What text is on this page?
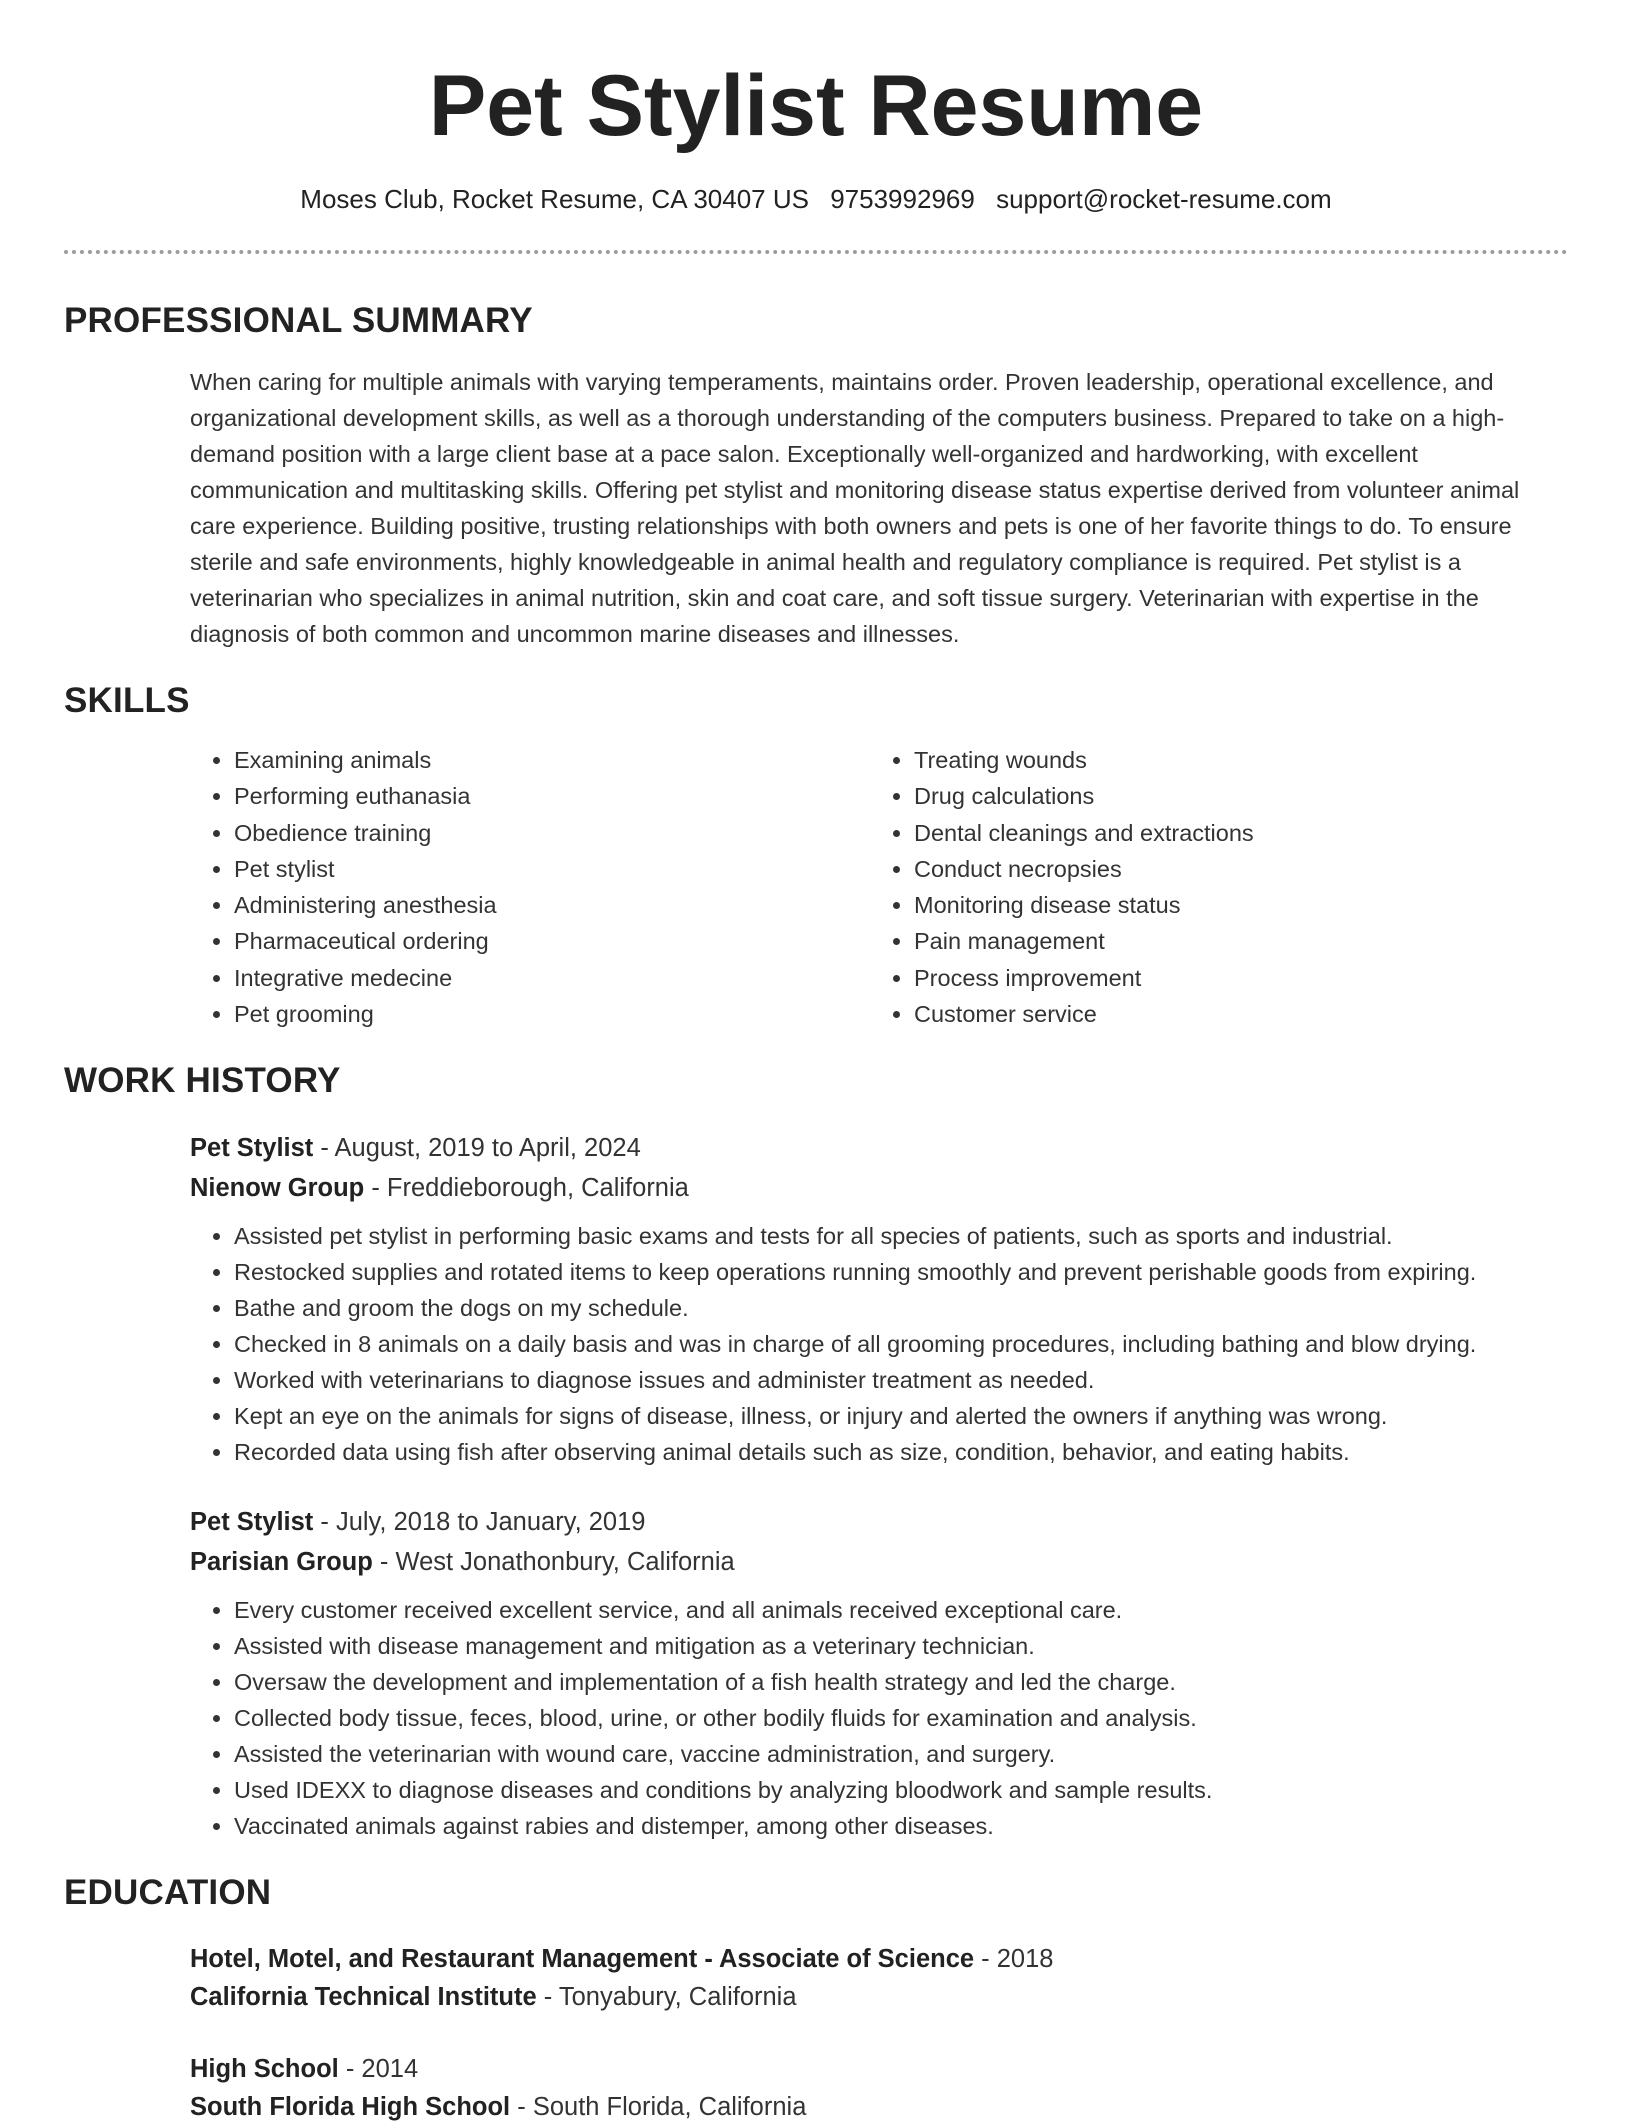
Pet Stylist Resume
Moses Club, Rocket Resume, CA 30407 US 9753992969 support@rocket-resume.com
PROFESSIONAL SUMMARY

When caring for multiple animals with varying temperaments, maintains order. Proven leadership, operational excellence, and organizational development skills, as well as a thorough understanding of the computers business. Prepared to take on a high-demand position with a large client base at a pace salon. Exceptionally well-organized and hardworking, with excellent communication and multitasking skills. Offering pet stylist and monitoring disease status expertise derived from volunteer animal care experience. Building positive, trusting relationships with both owners and pets is one of her favorite things to do. To ensure sterile and safe environments, highly knowledgeable in animal health and regulatory compliance is required. Pet stylist is a veterinarian who specializes in animal nutrition, skin and coat care, and soft tissue surgery. Veterinarian with expertise in the diagnosis of both common and uncommon marine diseases and illnesses.

SKILLS
• Examining animals
• Performing euthanasia
• Obedience training
• Pet stylist
• Administering anesthesia
• Pharmaceutical ordering
• Integrative medecine
• Pet grooming
• Treating wounds
• Drug calculations
• Dental cleanings and extractions
• Conduct necropsies
• Monitoring disease status
• Pain management
• Process improvement
• Customer service
WORK HISTORY
Pet Stylist - August, 2019 to April, 2024
Nienow Group - Freddieborough, California
• Assisted pet stylist in performing basic exams and tests for all species of patients, such as sports and industrial.
• Restocked supplies and rotated items to keep operations running smoothly and prevent perishable goods from expiring.
• Bathe and groom the dogs on my schedule.
• Checked in 8 animals on a daily basis and was in charge of all grooming procedures, including bathing and blow drying.
• Worked with veterinarians to diagnose issues and administer treatment as needed.
• Kept an eye on the animals for signs of disease, illness, or injury and alerted the owners if anything was wrong.
• Recorded data using fish after observing animal details such as size, condition, behavior, and eating habits.
Pet Stylist - July, 2018 to January, 2019
Parisian Group - West Jonathonbury, California
• Every customer received excellent service, and all animals received exceptional care.
• Assisted with disease management and mitigation as a veterinary technician.
• Oversaw the development and implementation of a fish health strategy and led the charge.
• Collected body tissue, feces, blood, urine, or other bodily fluids for examination and analysis.
• Assisted the veterinarian with wound care, vaccine administration, and surgery.
• Used IDEXX to diagnose diseases and conditions by analyzing bloodwork and sample results.
• Vaccinated animals against rabies and distemper, among other diseases.
EDUCATION
Hotel, Motel, and Restaurant Management - Associate of Science - 2018
California Technical Institute - Tonyabury, California
High School - 2014
South Florida High School - South Florida, California
